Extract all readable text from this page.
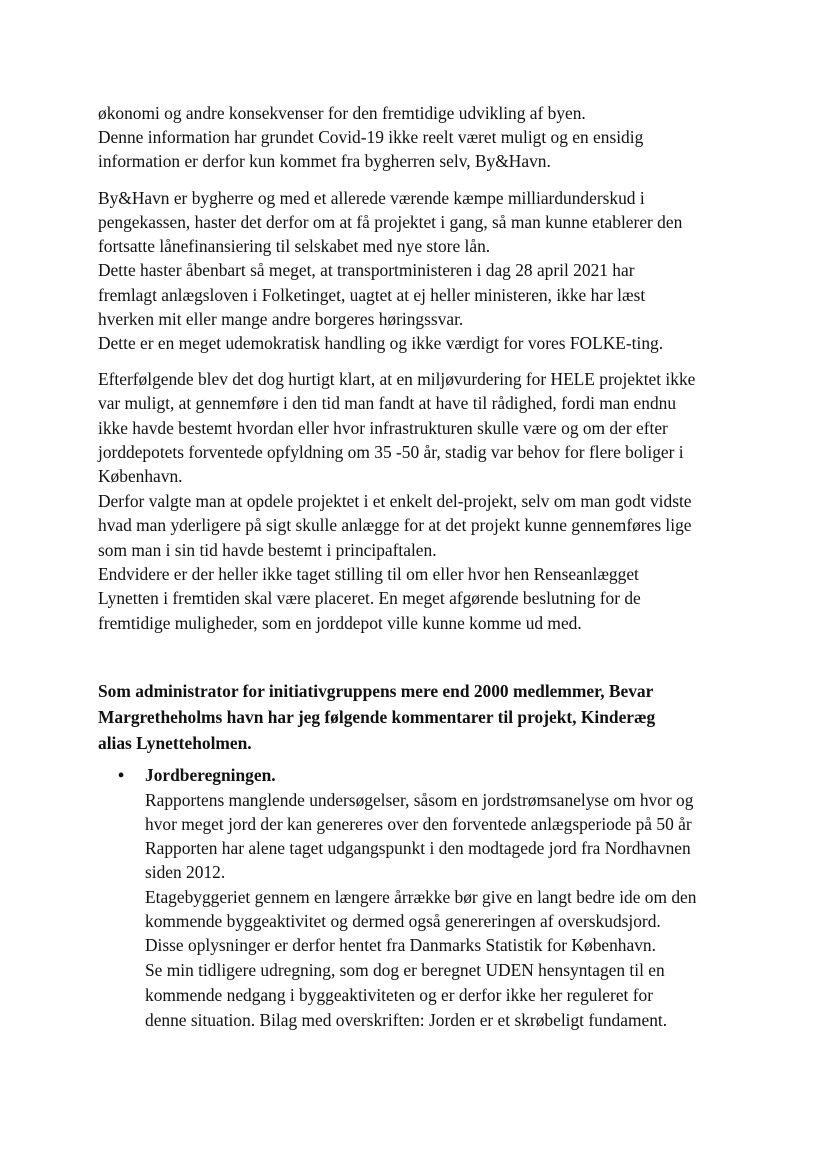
økonomi og andre konsekvenser for den fremtidige udvikling af byen.
Denne information har grundet Covid-19 ikke reelt været muligt og en ensidig
information er derfor kun kommet fra bygherren selv, By&Havn.
By&Havn er bygherre og med et allerede værende kæmpe milliardunderskud i
pengekassen, haster det derfor om at få projektet i gang, så man kunne etablerer den
fortsatte lånefinansiering til selskabet med nye store lån.
Dette haster åbenbart så meget, at transportministeren i dag 28 april 2021 har
fremlagt anlægsloven i Folketinget, uagtet at ej heller ministeren, ikke har læst
hverken mit eller mange andre borgeres høringssvar.
Dette er en meget udemokratisk handling og ikke værdigt for vores FOLKE-ting.
Efterfølgende blev det dog hurtigt klart, at en miljøvurdering for HELE projektet ikke
var muligt, at gennemføre i den tid man fandt at have til rådighed, fordi man endnu
ikke havde bestemt hvordan eller hvor infrastrukturen skulle være og om der efter
jorddepotets forventede opfyldning om 35 -50 år, stadig var behov for flere boliger i
København.
Derfor valgte man at opdele projektet i et enkelt del-projekt, selv om man godt vidste
hvad man yderligere på sigt skulle anlægge for at det projekt kunne gennemføres lige
som man i sin tid havde bestemt i principaftalen.
Endvidere er der heller ikke taget stilling til om eller hvor hen Renseanlægget
Lynetten i fremtiden skal være placeret. En meget afgørende beslutning for de
fremtidige muligheder, som en jorddepot ville kunne komme ud med.
Som administrator for initiativgruppens mere end 2000 medlemmer, Bevar
Margretheholms havn har jeg følgende kommentarer til projekt, Kinderæg
alias Lynetteholmen.
• Jordberegningen.
Rapportens manglende undersøgelser, såsom en jordstrømsanelyse om hvor og
hvor meget jord der kan genereres over den forventede anlægsperiode på 50 år
Rapporten har alene taget udgangspunkt i den modtagede jord fra Nordhavnen
siden 2012.
Etagebyggeriet gennem en længere årrække bør give en langt bedre ide om den
kommende byggeaktivitet og dermed også genereringen af overskudsjord.
Disse oplysninger er derfor hentet fra Danmarks Statistik for København.
Se min tidligere udregning, som dog er beregnet UDEN hensyntagen til en
kommende nedgang i byggeaktiviteten og er derfor ikke her reguleret for
denne situation. Bilag med overskriften: Jorden er et skrøbeligt fundament.
